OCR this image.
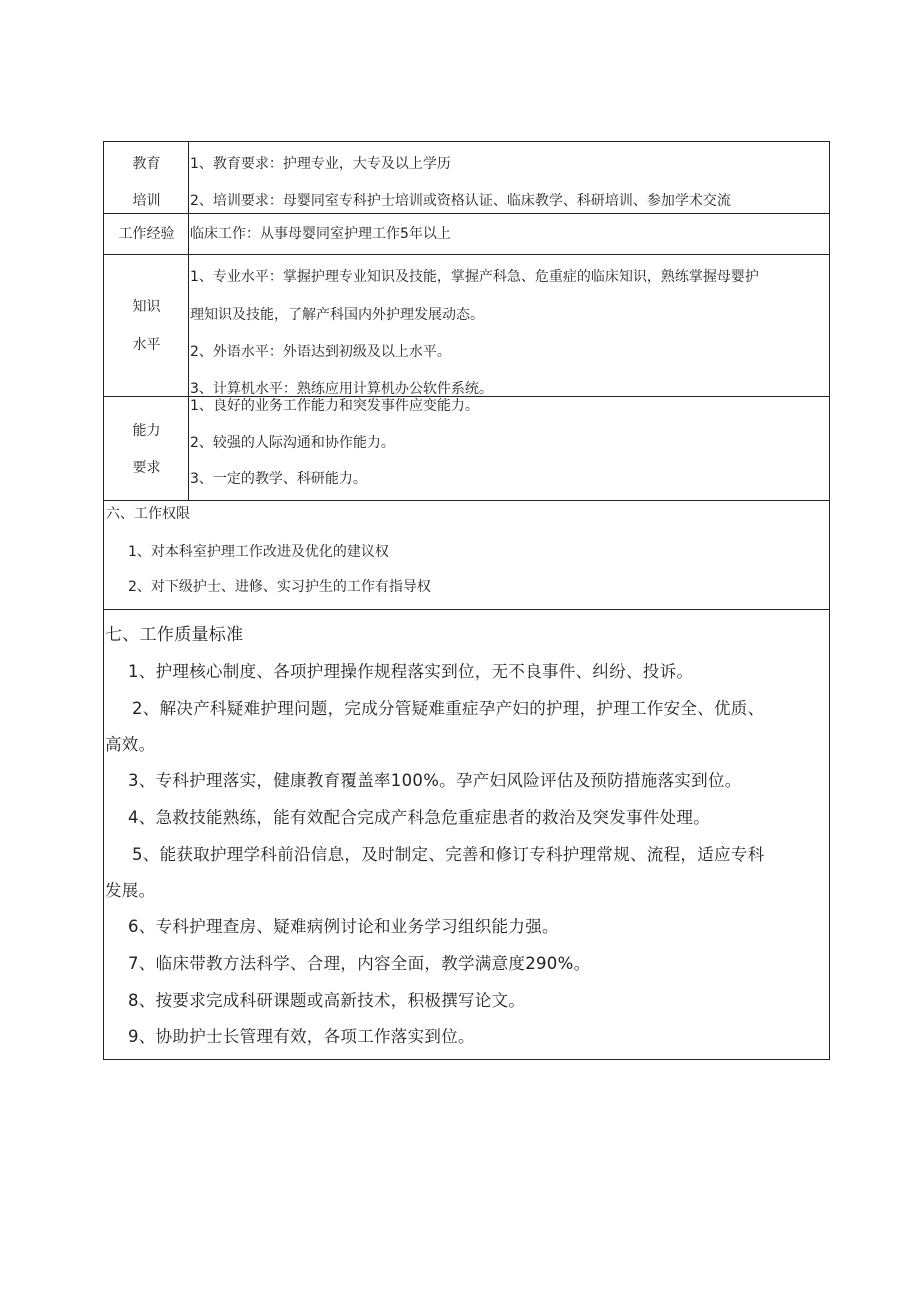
教育
培训
1、教育要求：护理专业，大专及以上学历
2、培训要求：母婴同室专科护士培训或资格认证、临床教学、科研培训、参加学术交流
工作经验	临床工作：从事母婴同室护理工作5年以上
知识
水平
1、专业水平：掌握护理专业知识及技能，掌握产科急、危重症的临床知识，熟练掌握母婴护
理知识及技能，了解产科国内外护理发展动态。
2、外语水平：外语达到初级及以上水平。
3、计算机水平：熟练应用计算机办公软件系统。
能力
要求
1、良好的业务工作能力和突发事件应变能力。
2、较强的人际沟通和协作能力。
3、一定的教学、科研能力。
六、工作权限
1、对本科室护理工作改进及优化的建议权
2、对下级护士、进修、实习护生的工作有指导权
七、工作质量标准
1、护理核心制度、各项护理操作规程落实到位，无不良事件、纠纷、投诉。
2、解决产科疑难护理问题，完成分管疑难重症孕产妇的护理，护理工作安全、优质、
高效。
3、专科护理落实，健康教育覆盖率100%。孕产妇风险评估及预防措施落实到位。
4、急救技能熟练，能有效配合完成产科急危重症患者的救治及突发事件处理。
5、能获取护理学科前沿信息，及时制定、完善和修订专科护理常规、流程，适应专科
发展。
6、专科护理查房、疑难病例讨论和业务学习组织能力强。
7、临床带教方法科学、合理，内容全面，教学满意度290%。
8、按要求完成科研课题或高新技术，积极撰写论文。
9、协助护士长管理有效，各项工作落实到位。
